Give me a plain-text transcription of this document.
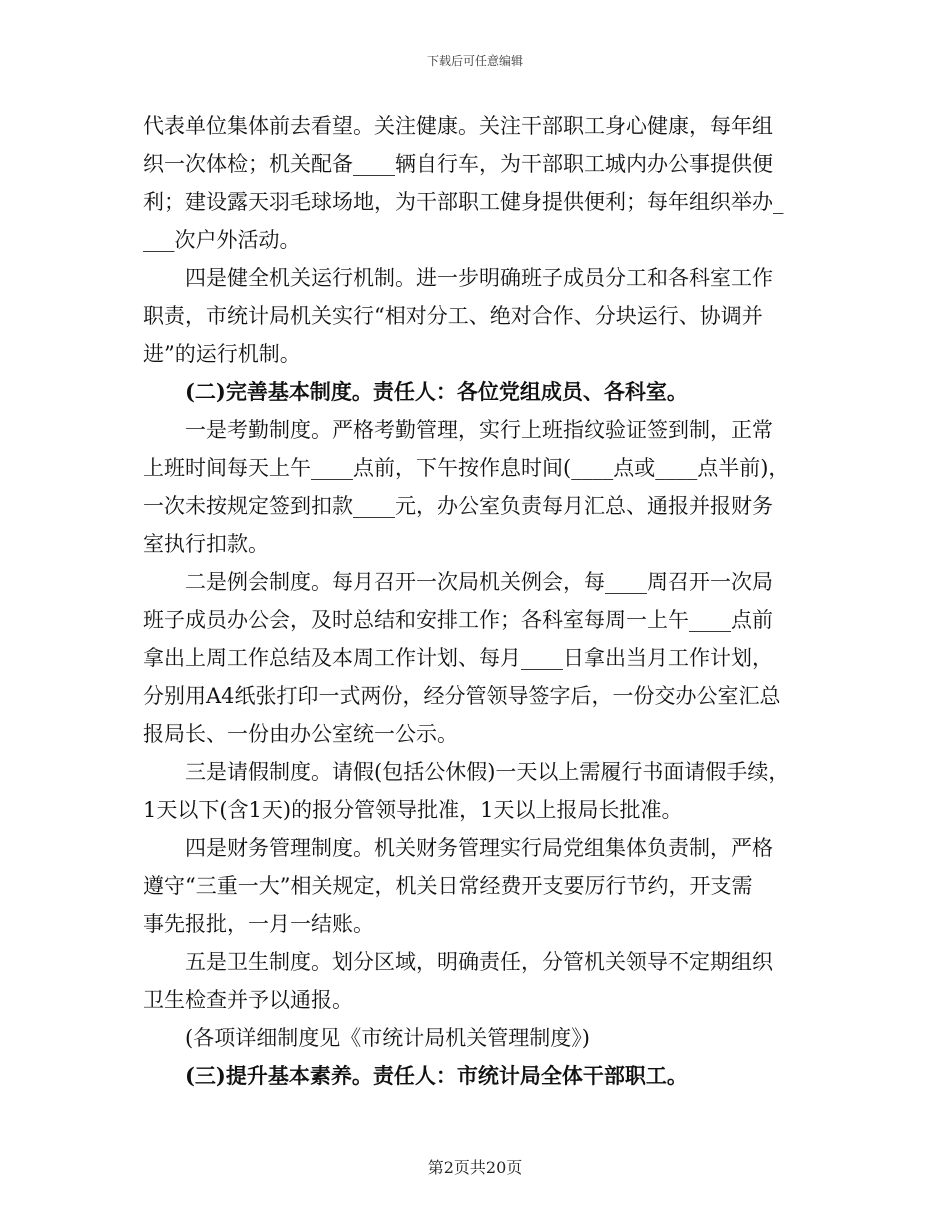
下载后可任意编辑
代表单位集体前去看望。关注健康。关注干部职工身心健康，每年组
织一次体检；机关配备____辆自行车，为干部职工城内办公事提供便
利；建设露天羽毛球场地，为干部职工健身提供便利；每年组织举办_
___次户外活动。
四是健全机关运行机制。进一步明确班子成员分工和各科室工作
职责，市统计局机关实行“相对分工、绝对合作、分块运行、协调并
进”的运行机制。
(二)完善基本制度。责任人：各位党组成员、各科室。
一是考勤制度。严格考勤管理，实行上班指纹验证签到制，正常
上班时间每天上午____点前，下午按作息时间(____点或____点半前)，
一次未按规定签到扣款____元，办公室负责每月汇总、通报并报财务
室执行扣款。
二是例会制度。每月召开一次局机关例会，每____周召开一次局
班子成员办公会，及时总结和安排工作；各科室每周一上午____点前
拿出上周工作总结及本周工作计划、每月____日拿出当月工作计划，
分别用A4纸张打印一式两份，经分管领导签字后，一份交办公室汇总
报局长、一份由办公室统一公示。
三是请假制度。请假(包括公休假)一天以上需履行书面请假手续，
1天以下(含1天)的报分管领导批准，1天以上报局长批准。
四是财务管理制度。机关财务管理实行局党组集体负责制，严格
遵守“三重一大”相关规定，机关日常经费开支要厉行节约，开支需
事先报批，一月一结账。
五是卫生制度。划分区域，明确责任，分管机关领导不定期组织
卫生检查并予以通报。
(各项详细制度见《市统计局机关管理制度》)
(三)提升基本素养。责任人：市统计局全体干部职工。
第2页共20页
